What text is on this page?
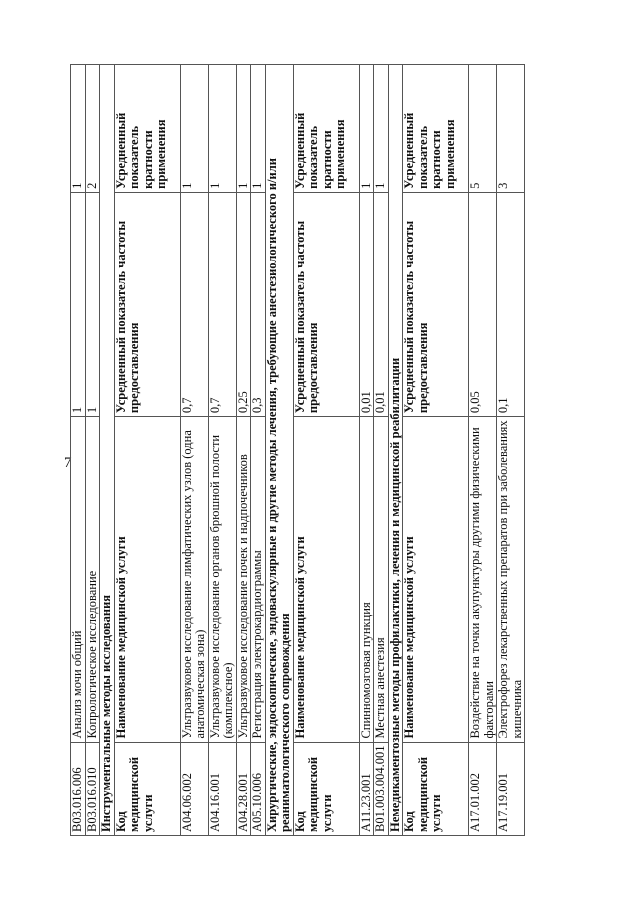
7
B03.016.006	Анализ мочи общий	1	1
B03.016.010	Копрологическое исследование	1	2
Инструментальные методы исследования			
Код медицинской услуги	Наименование медицинской услуги	Усредненный показатель частоты предоставления	Усредненный показатель кратности применения
A04.06.002	Ультразвуковое исследование лимфатических узлов (одна анатомическая зона)	0,7	1
A04.16.001	Ультразвуковое исследование органов брюшной полости (комплексное)	0,7	1
A04.28.001	Ультразвуковое исследование почек и надпочечников	0,25	1
A05.10.006	Регистрация электрокардиограммы	0,3	1
Хирургические, эндоскопические, эндоваскулярные и другие методы лечения, требующие анестезиологического и/или реаниматологического сопровождения			
Код медицинской услуги	Наименование медицинской услуги	Усредненный показатель частоты предоставления	Усредненный показатель кратности применения
A11.23.001	Спинномозговая пункция	0,01	1
B01.003.004.001	Местная анестезия	0,01	1
Немедикаментозные методы профилактики, лечения и медицинской реабилитации			
Код медицинской услуги	Наименование медицинской услуги	Усредненный показатель частоты предоставления	Усредненный показатель кратности применения
A17.01.002	Воздействие на точки акупунктуры другими физическими факторами	0,05	5
A17.19.001	Электрофорез лекарственных препаратов при заболеваниях кишечника	0,1	3
